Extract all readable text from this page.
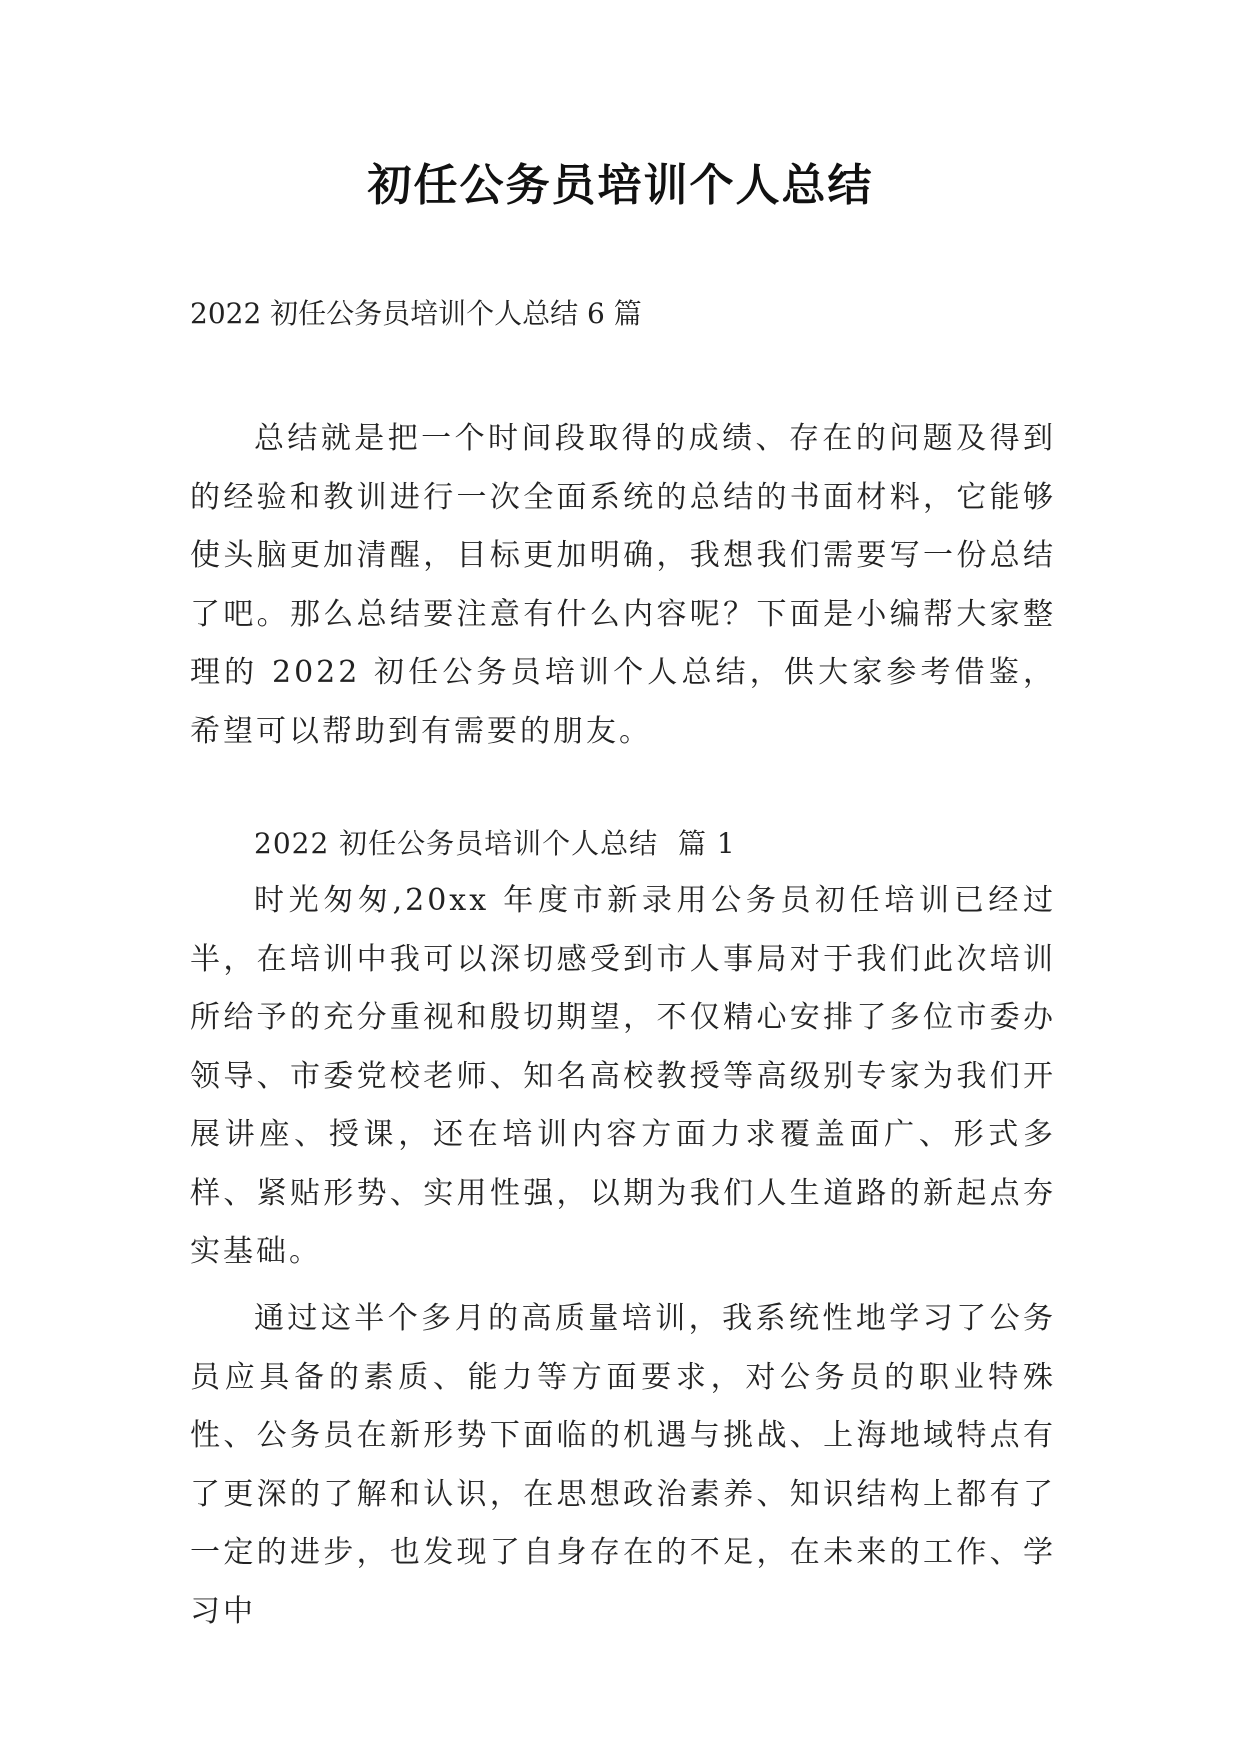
初任公务员培训个人总结
2022 初任公务员培训个人总结 6 篇
总结就是把一个时间段取得的成绩、存在的问题及得到的经验和教训进行一次全面系统的总结的书面材料，它能够使头脑更加清醒，目标更加明确，我想我们需要写一份总结了吧。那么总结要注意有什么内容呢？下面是小编帮大家整理的 2022 初任公务员培训个人总结，供大家参考借鉴，希望可以帮助到有需要的朋友。
2022 初任公务员培训个人总结  篇 1
时光匆匆,20xx 年度市新录用公务员初任培训已经过半，在培训中我可以深切感受到市人事局对于我们此次培训所给予的充分重视和殷切期望，不仅精心安排了多位市委办领导、市委党校老师、知名高校教授等高级别专家为我们开展讲座、授课，还在培训内容方面力求覆盖面广、形式多样、紧贴形势、实用性强，以期为我们人生道路的新起点夯实基础。
通过这半个多月的高质量培训，我系统性地学习了公务员应具备的素质、能力等方面要求，对公务员的职业特殊性、公务员在新形势下面临的机遇与挑战、上海地域特点有了更深的了解和认识，在思想政治素养、知识结构上都有了一定的进步，也发现了自身存在的不足，在未来的工作、学习中
